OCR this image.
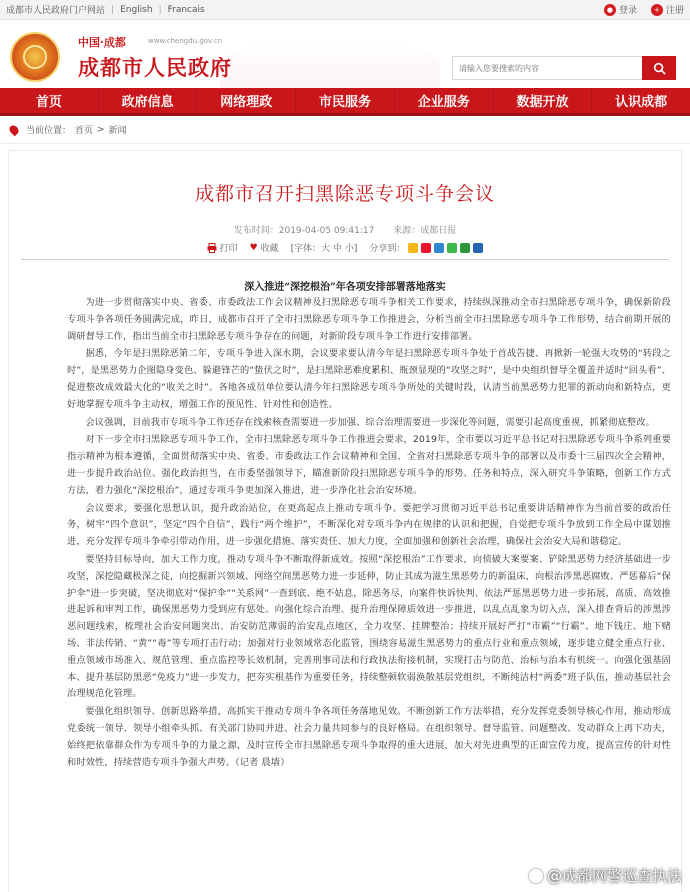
成都市人民政府门户网站 | English | Francais	● 登录	+ 注册
中国·成都	www.chengdu.gov.cn
成都市人民政府
请输入您要搜索的内容
首页	政府信息	网络理政	市民服务	企业服务	数据开放	认识成都
当前位置： 首页 > 新闻
成都市召开扫黑除恶专项斗争会议
发布时间：2019-04-05 09:41:17 来源：成都日报
打印 ♥ 收藏 [字体：大 中 小] 分享到：
深入推进“深挖根治”年各项安排部署落地落实

为进一步贯彻落实中央、省委、市委政法工作会议精神及扫黑除恶专项斗争相关工作要求，持续纵深推动全市扫黑除恶专项斗争，确保新阶段专项斗争各项任务圆满完成，昨日，成都市召开了全市扫黑除恶专项斗争工作推进会，分析当前全市扫黑除恶专项斗争工作形势，结合前期开展的调研督导工作，指出当前全市扫黑除恶专项斗争存在的问题，对新阶段专项斗争工作进行安排部署。

据悉，今年是扫黑除恶第二年，专项斗争进入深水期，会议要求要认清今年是扫黑除恶专项斗争处于首战告捷、再掀新一轮强大攻势的“转段之时”，是黑恶势力企图隐身变色、躲避锋芒的“蛰伏之时”，是扫黑除恶难度累积、瓶颈显现的“攻坚之时”，是中央组织督导全覆盖并适时“回头看”、促进整改成效最大化的“收关之时”。各地各成员单位要认清今年扫黑除恶专项斗争所处的关键时段，认清当前黑恶势力犯罪的新动向和新特点，更好地掌握专项斗争主动权，增强工作的预见性、针对性和创造性。

会议强调，目前我市专项斗争工作还存在线索核查需要进一步加强、综合治理需要进一步深化等问题，需要引起高度重视，抓紧彻底整改。

对下一步全市扫黑除恶专项斗争工作，全市扫黑除恶专项斗争工作推进会要求，2019年，全市要以习近平总书记对扫黑除恶专项斗争系列重要指示精神为根本遵循，全面贯彻落实中央、省委、市委政法工作会议精神和全国、全省对扫黑除恶专项斗争的部署以及市委十三届四次全会精神，进一步提升政治站位、强化政治担当，在市委坚强领导下，瞄准新阶段扫黑除恶专项斗争的形势、任务和特点，深入研究斗争策略，创新工作方式方法，着力强化“深挖根治”，通过专项斗争更加深入推进，进一步净化社会治安环境。

会议要求，要强化思想认识，提升政治站位，在更高起点上推动专项斗争。要把学习贯彻习近平总书记重要讲话精神作为当前首要的政治任务，树牢“四个意识”，坚定“四个自信”，践行“两个维护”，不断深化对专项斗争内在规律的认识和把握，自觉把专项斗争放到工作全局中谋划推进，充分发挥专项斗争牵引带动作用，进一步强化措施、落实责任、加大力度，全面加强和创新社会治理，确保社会治安大局和谐稳定。

要坚持目标导向，加大工作力度，推动专项斗争不断取得新成效。按照“深挖根治”工作要求，向侦破大案要案、铲除黑恶势力经济基础进一步攻坚，深挖隐藏极深之徒，向挖掘新兴领域、网络空间黑恶势力进一步延伸，防止其成为滋生黑恶势力的新温床，向根治涉黑恶腐败、严惩幕后“保护伞”进一步突破，坚决彻底对“保护伞”“关系网”一查到底、绝不姑息，除恶务尽，向案件快诉快判、依法严惩黑恶势力进一步拓展，高质、高效推进起诉和审判工作，确保黑恶势力受到应有惩处。向强化综合治理、提升治理保障质效进一步推进，以乱点乱象为切入点，深入排查背后的涉黑涉恶问题线索，梳理社会治安问题突出、治安防范薄弱的治安乱点地区，全力攻坚、挂牌整治；持续开展好严打“市霸”“行霸”、地下钱庄、地下赌场、非法传销、“黄”“毒”等专项打击行动；加强对行业领域常态化监管，围绕容易滋生黑恶势力的重点行业和重点领域，逐步建立健全重点行业、重点领域市场准入、规范管理、重点监控等长效机制，完善刑事司法和行政执法衔接机制，实现打击与防范、治标与治本有机统一。向强化强基固本、提升基层防黑恶“免疫力”进一步发力，把夯实根基作为重要任务，持续整顿软弱涣散基层党组织，不断纯洁村“两委”班子队伍，推动基层社会治理规范化管理。

要强化组织领导、创新思路举措，高抓实干推动专项斗争各项任务落地见效。不断创新工作方法举措，充分发挥党委领导核心作用，推动形成党委统一领导、领导小组牵头抓、有关部门协同并进、社会力量共同参与的良好格局。在组织领导、督导监管、问题整改、发动群众上再下功夫，始终把依靠群众作为专项斗争的力量之源，及时宣传全市扫黑除恶专项斗争取得的重大进展，加大对先进典型的正面宣传力度，提高宣传的针对性和时效性，持续营造专项斗争强大声势。（记者 晨墙）

@成都网警巡查执法
